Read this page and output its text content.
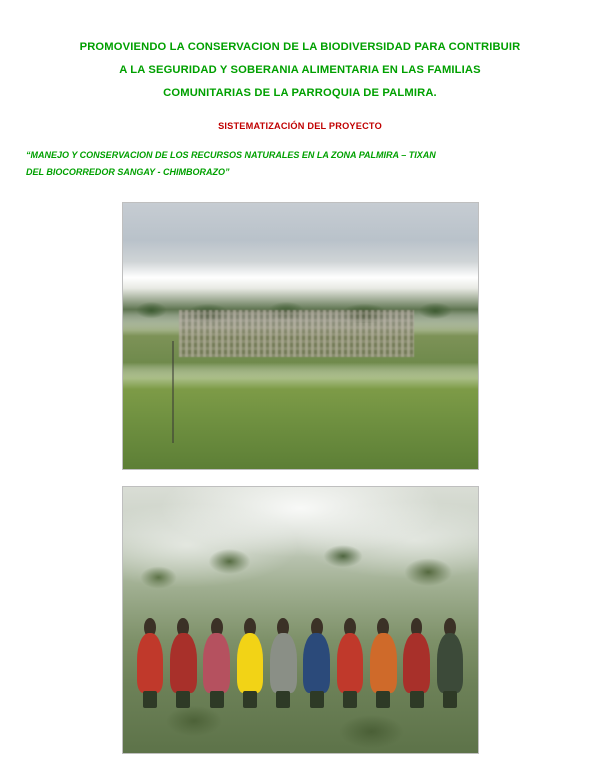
PROMOVIENDO LA CONSERVACION DE LA BIODIVERSIDAD PARA CONTRIBUIR
A LA SEGURIDAD Y SOBERANIA ALIMENTARIA EN LAS FAMILIAS
COMUNITARIAS DE LA PARROQUIA DE PALMIRA.
SISTEMATIZACIÓN DEL PROYECTO
“MANEJO Y CONSERVACION DE LOS RECURSOS NATURALES EN LA ZONA PALMIRA – TIXAN
DEL BIOCORREDOR SANGAY - CHIMBORAZO”
